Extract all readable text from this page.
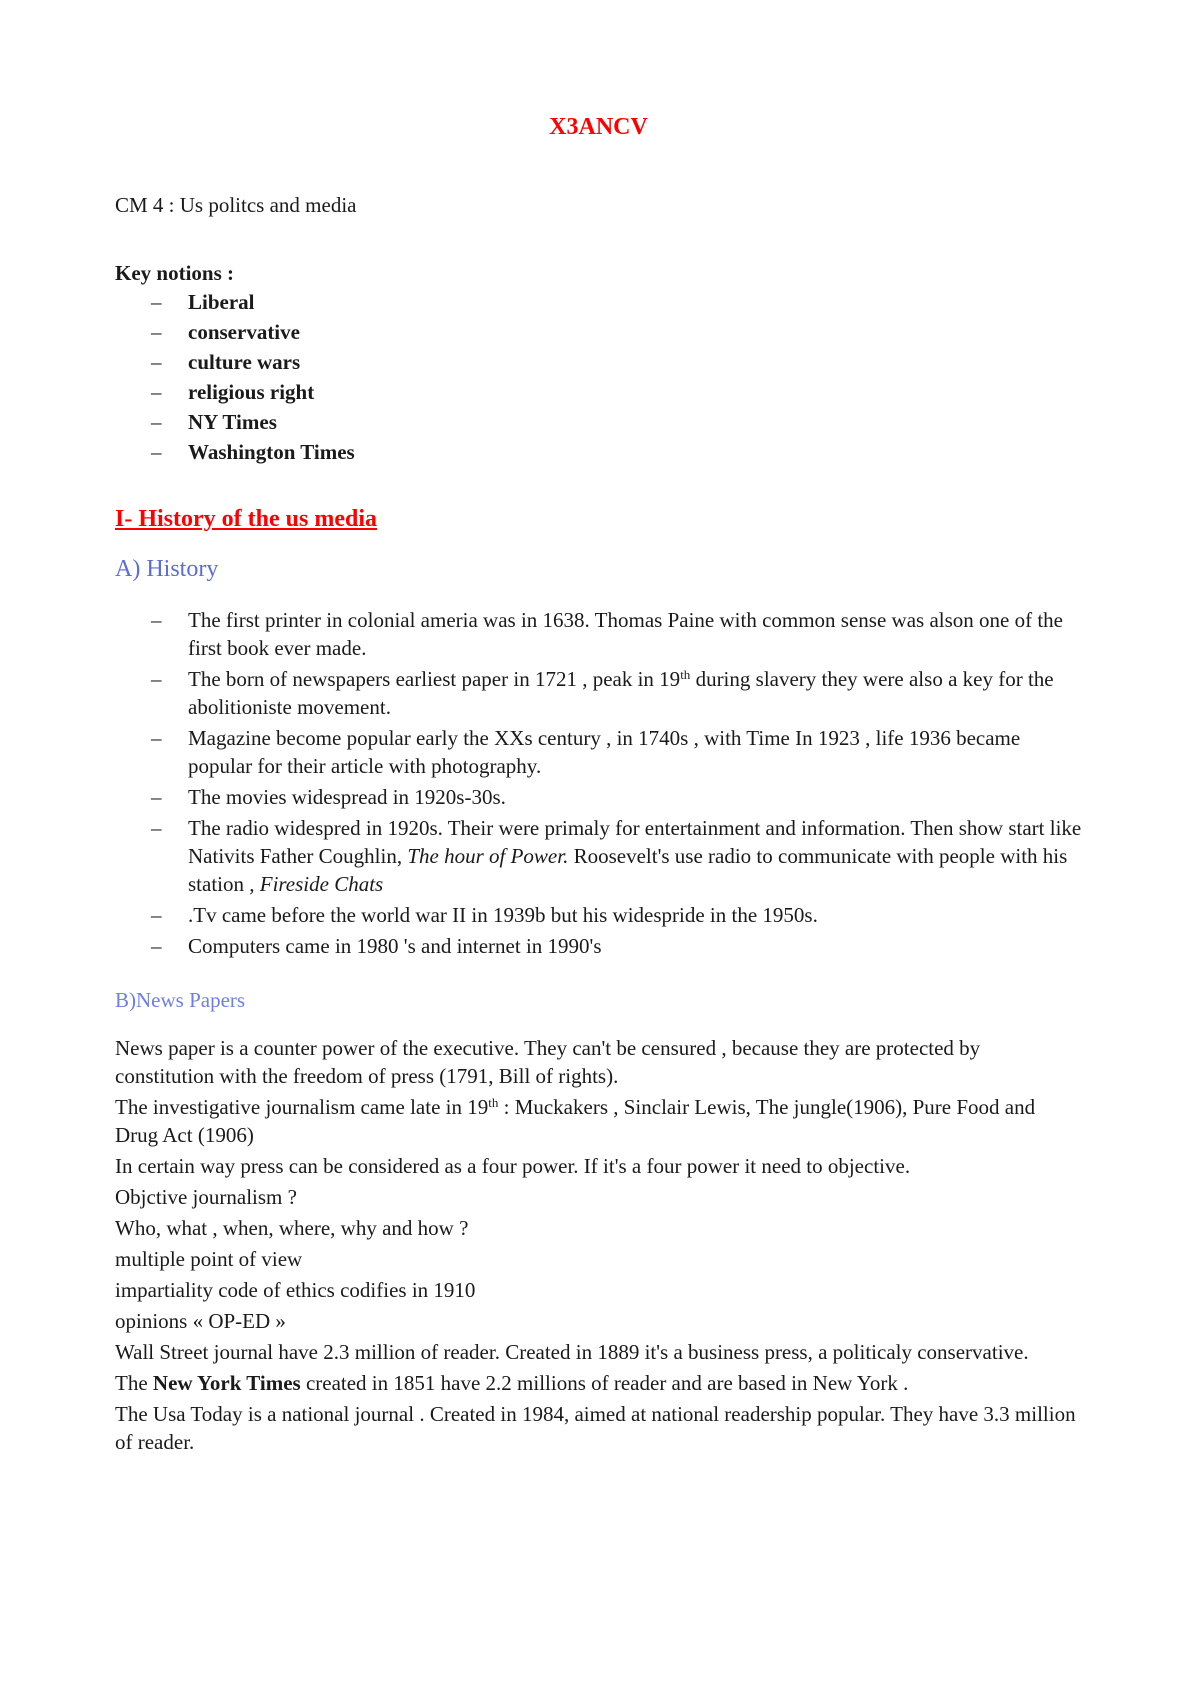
X3ANCV
CM 4 : Us politcs and media
Key notions :
– Liberal
– conservative
– culture wars
– religious right
– NY Times
– Washington Times
I- History of the us media
A) History
– The first printer in colonial ameria was in 1638. Thomas Paine with common sense was alson one of the first book ever made.
– The born of newspapers earliest paper in 1721 , peak in 19th during slavery they were also a key for the abolitioniste movement.
– Magazine become popular early the XXs century , in 1740s , with Time In 1923 , life 1936 became popular for their article with photography.
– The movies widespread in 1920s-30s.
– The radio widespred in 1920s. Their were primaly for entertainment and information. Then show start like Nativits Father Coughlin, The hour of Power. Roosevelt's use radio to communicate with people with his station , Fireside Chats
– .Tv came before the world war II in 1939b but his widespride in the 1950s.
– Computers came in 1980 's and internet in 1990's
B)News Papers

News paper is a counter power of the executive. They can't be censured , because they are protected by constitution with the freedom of press (1791, Bill of rights).

The investigative journalism came late in 19th : Muckakers , Sinclair Lewis, The jungle(1906), Pure Food and Drug Act (1906)

In certain way press can be considered as a four power. If it's a four power it need to objective.

Objctive journalism ?

Who, what , when, where, why and how ?

multiple point of view

impartiality code of ethics codifies in 1910

opinions « OP-ED »

Wall Street journal have 2.3 million of reader. Created in 1889 it's a business press, a politicaly conservative.

The New York Times created in 1851 have 2.2 millions of reader and are based in New York .

The Usa Today is a national journal . Created in 1984, aimed at national readership popular. They have 3.3 million of reader.
